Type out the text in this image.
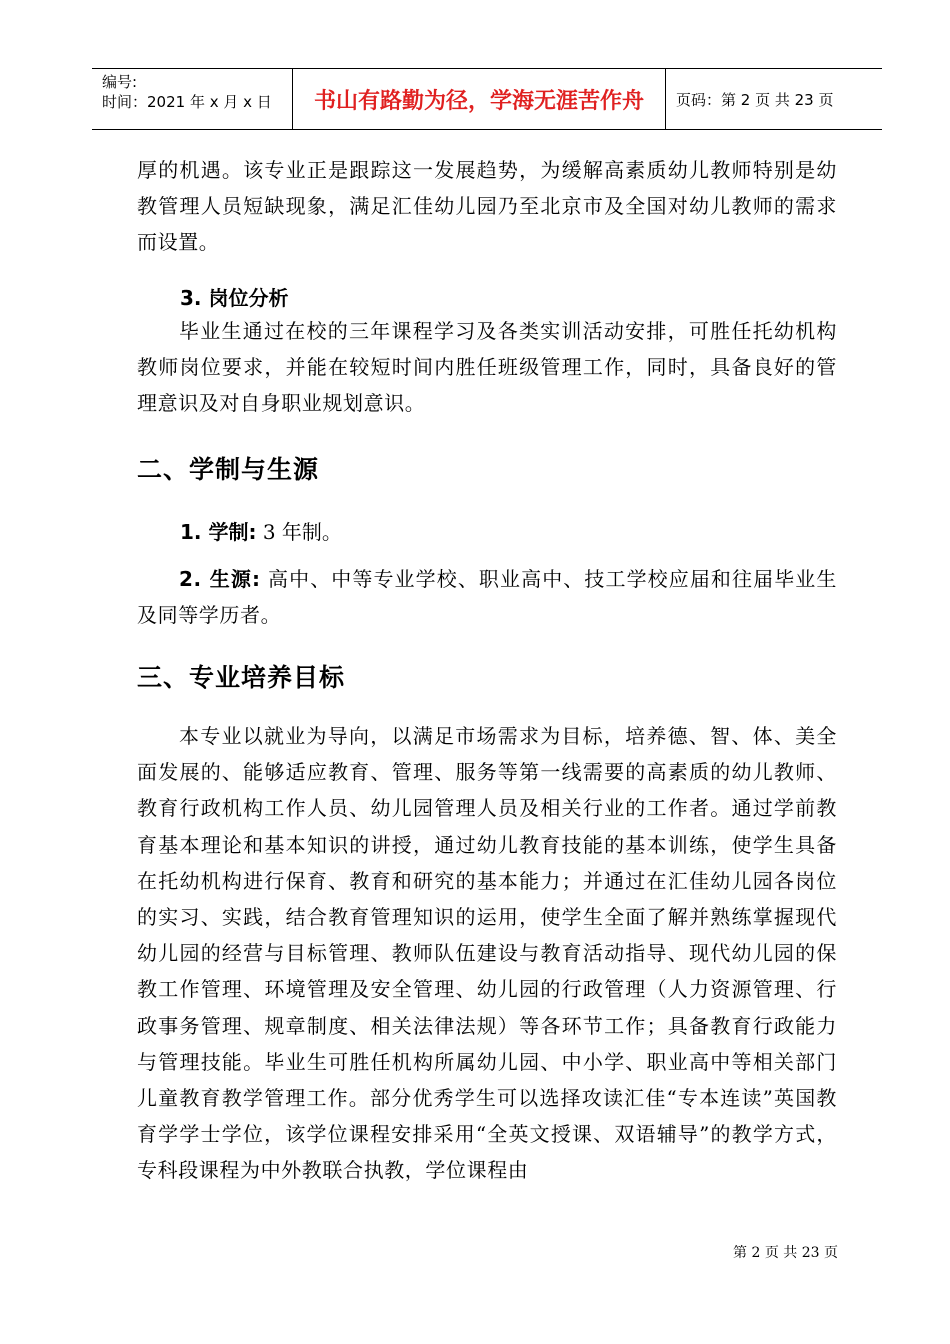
编号:
时间：2021 年 x 月 x 日	书山有路勤为径，学海无涯苦作舟	页码：第 2 页 共 23 页
厚的机遇。该专业正是跟踪这一发展趋势，为缓解高素质幼儿教师特别是幼教管理人员短缺现象，满足汇佳幼儿园乃至北京市及全国对幼儿教师的需求而设置。
3. 岗位分析
毕业生通过在校的三年课程学习及各类实训活动安排，可胜任托幼机构教师岗位要求，并能在较短时间内胜任班级管理工作，同时，具备良好的管理意识及对自身职业规划意识。
二、学制与生源
1. 学制: 3 年制。
2. 生源: 高中、中等专业学校、职业高中、技工学校应届和往届毕业生及同等学历者。
三、专业培养目标
本专业以就业为导向，以满足市场需求为目标，培养德、智、体、美全面发展的、能够适应教育、管理、服务等第一线需要的高素质的幼儿教师、教育行政机构工作人员、幼儿园管理人员及相关行业的工作者。通过学前教育基本理论和基本知识的讲授，通过幼儿教育技能的基本训练，使学生具备在托幼机构进行保育、教育和研究的基本能力；并通过在汇佳幼儿园各岗位的实习、实践，结合教育管理知识的运用，使学生全面了解并熟练掌握现代幼儿园的经营与目标管理、教师队伍建设与教育活动指导、现代幼儿园的保教工作管理、环境管理及安全管理、幼儿园的行政管理（人力资源管理、行政事务管理、规章制度、相关法律法规）等各环节工作；具备教育行政能力与管理技能。毕业生可胜任机构所属幼儿园、中小学、职业高中等相关部门儿童教育教学管理工作。部分优秀学生可以选择攻读汇佳“专本连读”英国教育学学士学位，该学位课程安排采用“全英文授课、双语辅导”的教学方式，专科段课程为中外教联合执教，学位课程由
第 2 页 共 23 页
